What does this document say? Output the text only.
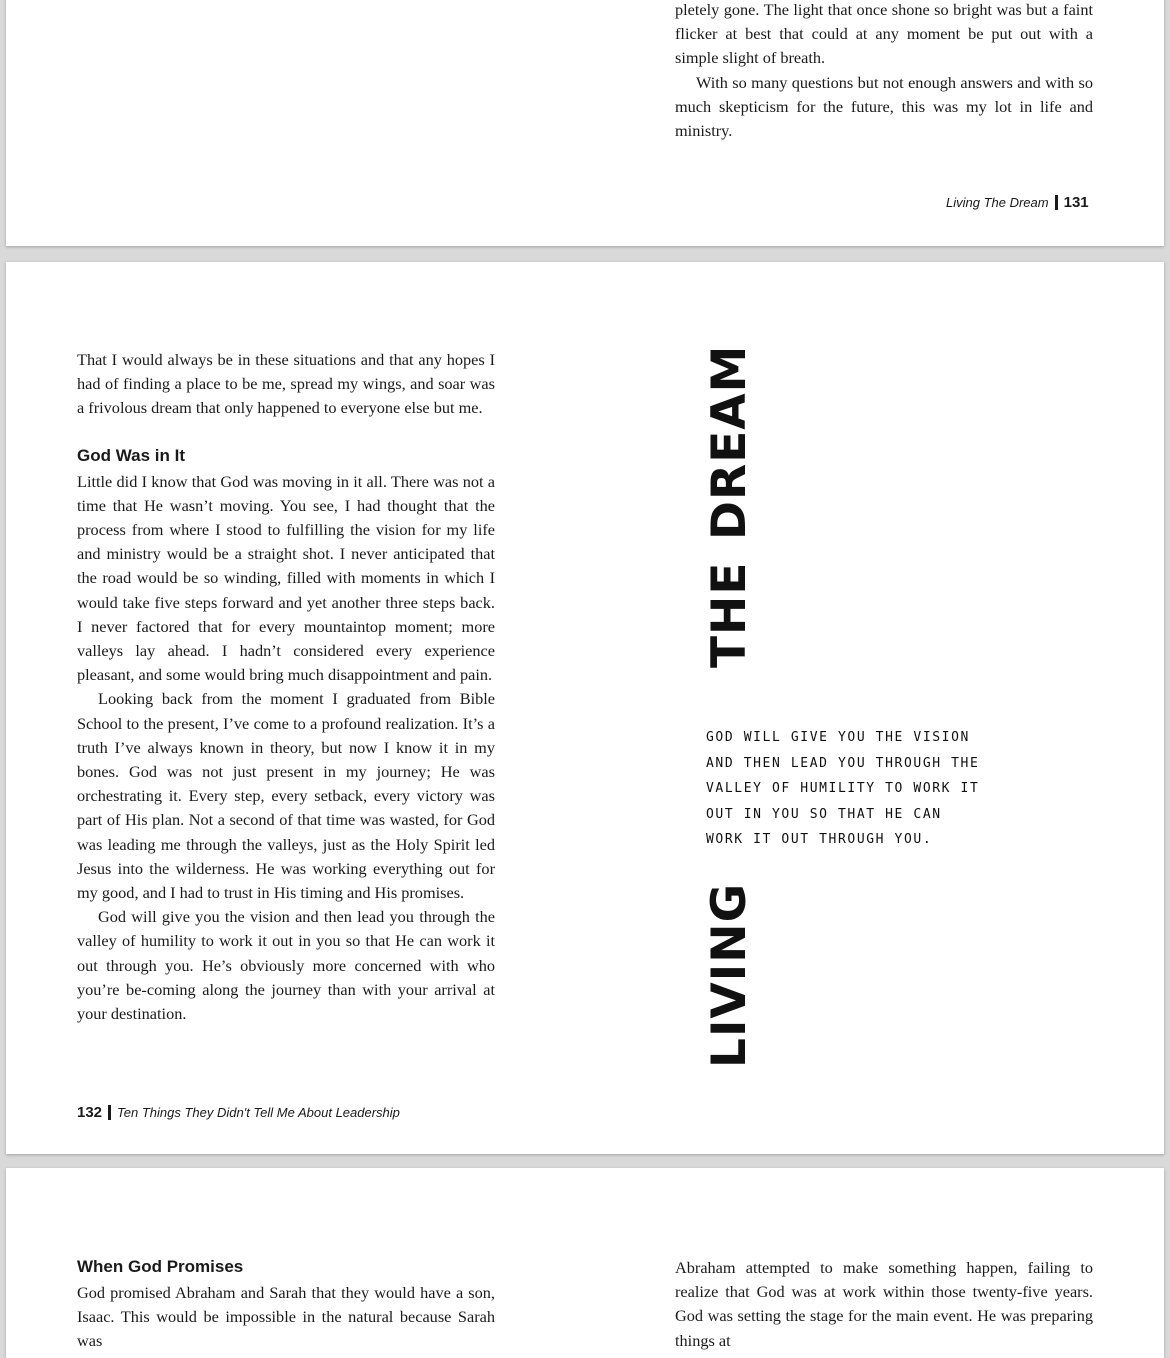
pletely gone. The light that once shone so bright was but a faint flicker at best that could at any moment be put out with a simple slight of breath.

With so many questions but not enough answers and with so much skepticism for the future, this was my lot in life and ministry.

Living The Dream 131

That I would always be in these situations and that any hopes I had of finding a place to be me, spread my wings, and soar was a frivolous dream that only happened to everyone else but me.

God Was in It

Little did I know that God was moving in it all. There was not a time that He wasn’t moving. You see, I had thought that the process from where I stood to fulfilling the vision for my life and ministry would be a straight shot. I never anticipated that the road would be so winding, filled with moments in which I would take five steps forward and yet another three steps back. I never factored that for every mountaintop moment; more valleys lay ahead. I hadn’t considered every experience pleasant, and some would bring much disappointment and pain.

Looking back from the moment I graduated from Bible School to the present, I’ve come to a profound realization. It’s a truth I’ve always known in theory, but now I know it in my bones. God was not just present in my journey; He was orchestrating it. Every step, every setback, every victory was part of His plan. Not a second of that time was wasted, for God was leading me through the valleys, just as the Holy Spirit led Jesus into the wilderness. He was working everything out for my good, and I had to trust in His timing and His promises.

God will give you the vision and then lead you through the valley of humility to work it out in you so that He can work it out through you. He’s obviously more concerned with who you’re be-coming along the journey than with your arrival at your destination.

132 Ten Things They Didn't Tell Me About Leadership
LIVING
THE
DREAM
GOD WILL GIVE YOU THE VISION
AND THEN LEAD YOU THROUGH THE
VALLEY OF HUMILITY TO WORK IT
OUT IN YOU SO THAT HE CAN
WORK IT OUT THROUGH YOU.
When God Promises

God promised Abraham and Sarah that they would have a son, Isaac. This would be impossible in the natural because Sarah was

Abraham attempted to make something happen, failing to realize that God was at work within those twenty-five years. God was setting the stage for the main event. He was preparing things at
